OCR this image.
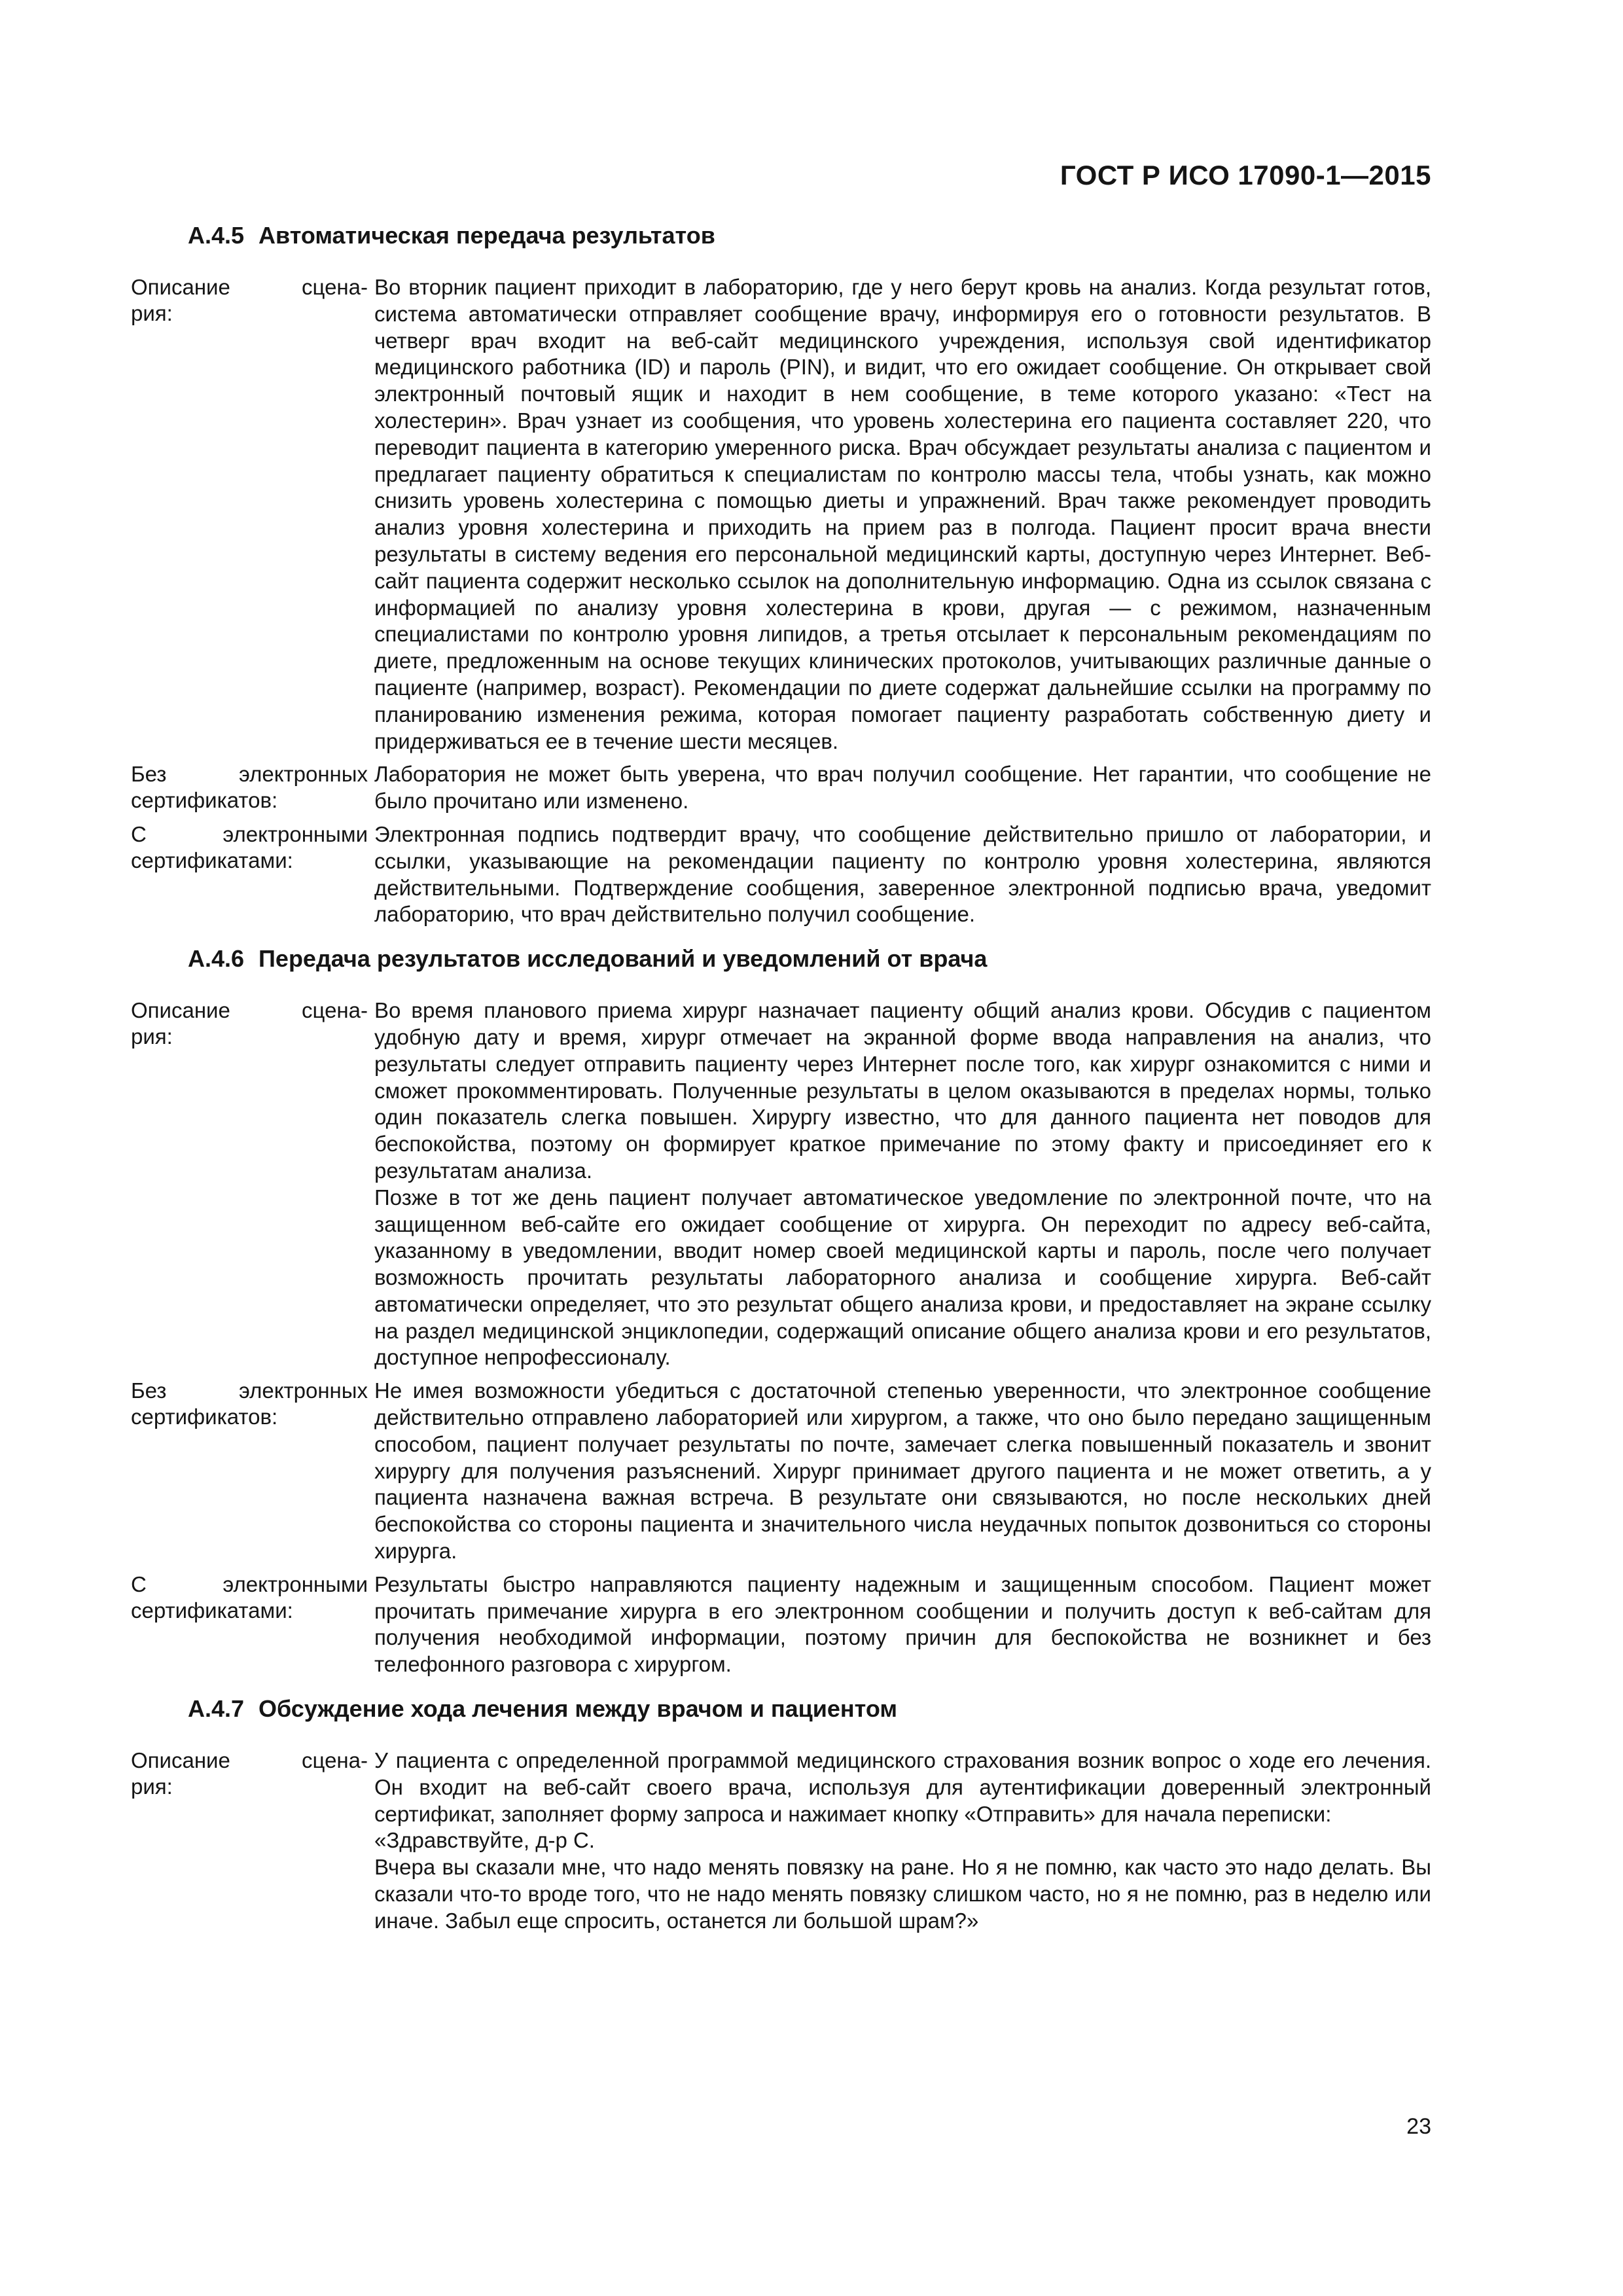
ГОСТ Р ИСО 17090-1—2015
А.4.5 Автоматическая передача результатов
Описание сцена-
рия:

Во вторник пациент приходит в лабораторию, где у него берут кровь на анализ. Когда результат готов, система автоматически отправляет сообщение врачу, информируя его о готовности результатов. В четверг врач входит на веб-сайт медицинского учреждения, используя свой идентификатор медицинского работника (ID) и пароль (PIN), и видит, что его ожидает сообщение. Он открывает свой электронный почтовый ящик и находит в нем сообщение, в теме которого указано: «Тест на холестерин». Врач узнает из сообщения, что уровень холестерина его пациента составляет 220, что переводит пациента в категорию умеренного риска. Врач обсуждает результаты анализа с пациентом и предлагает пациенту обратиться к специалистам по контролю массы тела, чтобы узнать, как можно снизить уровень холестерина с помощью диеты и упражнений. Врач также рекомендует проводить анализ уровня холестерина и приходить на прием раз в полгода. Пациент просит врача внести результаты в систему ведения его персональной медицинский карты, доступную через Интернет. Веб-сайт пациента содержит несколько ссылок на дополнительную информацию. Одна из ссылок связана с информацией по анализу уровня холестерина в крови, другая — с режимом, назначенным специалистами по контролю уровня липидов, а третья отсылает к персональным рекомендациям по диете, предложенным на основе текущих клинических протоколов, учитывающих различные данные о пациенте (например, возраст). Рекомендации по диете содержат дальнейшие ссылки на программу по планированию изменения режима, которая помогает пациенту разработать собственную диету и придерживаться ее в течение шести месяцев.

Без электронных
сертификатов:

Лаборатория не может быть уверена, что врач получил сообщение. Нет гарантии, что сообщение не было прочитано или изменено.

С электронными
сертификатами:

Электронная подпись подтвердит врачу, что сообщение действительно пришло от лаборатории, и ссылки, указывающие на рекомендации пациенту по контролю уровня холестерина, являются действительными. Подтверждение сообщения, заверенное электронной подписью врача, уведомит лабораторию, что врач действительно получил сообщение.

А.4.6 Передача результатов исследований и уведомлений от врача
Описание сцена-
рия:

Во время планового приема хирург назначает пациенту общий анализ крови. Обсудив с пациентом удобную дату и время, хирург отмечает на экранной форме ввода направления на анализ, что результаты следует отправить пациенту через Интернет после того, как хирург ознакомится с ними и сможет прокомментировать. Полученные результаты в целом оказываются в пределах нормы, только один показатель слегка повышен. Хирургу известно, что для данного пациента нет поводов для беспокойства, поэтому он формирует краткое примечание по этому факту и присоединяет его к результатам анализа.

Позже в тот же день пациент получает автоматическое уведомление по электронной почте, что на защищенном веб-сайте его ожидает сообщение от хирурга. Он переходит по адресу веб-сайта, указанному в уведомлении, вводит номер своей медицинской карты и пароль, после чего получает возможность прочитать результаты лабораторного анализа и сообщение хирурга. Веб-сайт автоматически определяет, что это результат общего анализа крови, и предоставляет на экране ссылку на раздел медицинской энциклопедии, содержащий описание общего анализа крови и его результатов, доступное непрофессионалу.

Без электронных
сертификатов:

Не имея возможности убедиться с достаточной степенью уверенности, что электронное сообщение действительно отправлено лабораторией или хирургом, а также, что оно было передано защищенным способом, пациент получает результаты по почте, замечает слегка повышенный показатель и звонит хирургу для получения разъяснений. Хирург принимает другого пациента и не может ответить, а у пациента назначена важная встреча. В результате они связываются, но после нескольких дней беспокойства со стороны пациента и значительного числа неудачных попыток дозвониться со стороны хирурга.

С электронными
сертификатами:

Результаты быстро направляются пациенту надежным и защищенным способом. Пациент может прочитать примечание хирурга в его электронном сообщении и получить доступ к веб-сайтам для получения необходимой информации, поэтому причин для беспокойства не возникнет и без телефонного разговора с хирургом.

А.4.7 Обсуждение хода лечения между врачом и пациентом
Описание сцена-
рия:

У пациента с определенной программой медицинского страхования возник вопрос о ходе его лечения. Он входит на веб-сайт своего врача, используя для аутентификации доверенный электронный сертификат, заполняет форму запроса и нажимает кнопку «Отправить» для начала переписки:

«Здравствуйте, д-р С.

Вчера вы сказали мне, что надо менять повязку на ране. Но я не помню, как часто это надо делать. Вы сказали что-то вроде того, что не надо менять повязку слишком часто, но я не помню, раз в неделю или иначе. Забыл еще спросить, останется ли большой шрам?»

23
